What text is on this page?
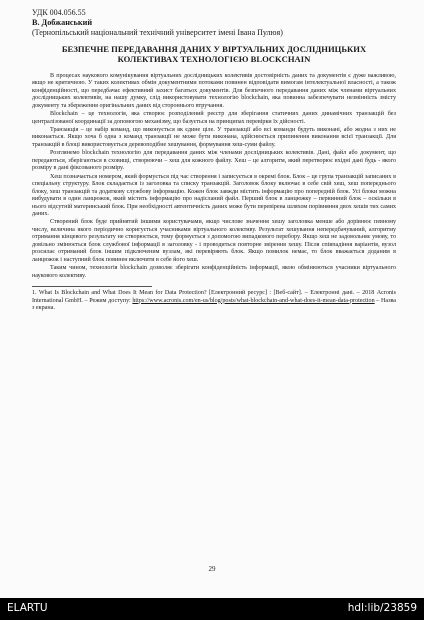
УДК 004.056.55
В. Добжанський
(Тернопільський національний технічний університет імені Івана Пулюя)
БЕЗПЕЧНЕ ПЕРЕДАВАННЯ ДАНИХ У ВІРТУАЛЬНИХ ДОСЛІДНИЦЬКИХ КОЛЕКТИВАХ ТЕХНОЛОГІЄЮ BLOCKCHAIN

В процесах наукового комунікування віртуальних дослідницьких колективів достовірність даних та документів є дуже важливою, якщо не критичною. У таких колективах обмін документними потоками повинен відповідати вимогам інтелектуальної власності, а також конфіденційності, що передбачає ефективний захист багатьох документів. Для безпечного передавання даних між членами віртуальних дослідницьких колективів, на нашу думку, слід використовувати технологію blockchain, яка повинна забезпечувати незмінність змісту документу та збереження оригінальних даних від стороннього втручання.

Blockchain – це технологія, яка створює розподілений реєстр для зберігання статичних даних динамічних транзакцій без централізованої координації за допомогою механізму, що базується на принципах перевірки їх дійсності.

Транзакція – це набір команд, що виконується як єдине ціле. У транзакції або всі команди будуть виконані, або жодна з них не виконається. Якщо хоча б одна з команд транзакції не може бути виконана, здійснюється припинення виконання всієї транзакції. Для транзакцій в блоці використовується деревоподібне хешування, формування хеш-суми файлу.

Розглянемо blockchain технологію для передавання даних між членами дослідницьких колективів. Дані, файл або документ, що передаються, зберігаються в сховищі, створюючи – хеш для кожного файлу. Хеш – це алгоритм, який перетворює вхідні дані будь - якого розміру в дані фіксованого розміру.

Хеш позначається номером, який формується під час створення і записується в окремі блок. Блок – це група транзакцій записаних в спеціальну структуру. Блок складається із заголовка та списку транзакцій. Заголовок блоку включає в себе свій хеш, хеш попереднього блоку, хеш транзакцій та додаткову службову інформацію. Кожен блок завжди містить інформацію про попередній блок. Усі блоки можна вибудувати в один ланцюжок, який містить інформацію про надісланий файл. Перший блок в ланцюжку – первинний блок – оскільки в нього відсутній материнський блок. При необхідності автентичність даних може бути перевірена шляхом порівняння двох хешів тих самих даних.

Створений блок буде прийнятий іншими користувачами, якщо числове значення хешу заголовка менше або дорівнює певному числу, величина якого періодично коригується учасниками віртуального колективу. Результат хешування непередбачуваний, алгоритму отримання кінцевого результату не створюється, тому формується з допомогою випадкового перебору. Якщо хеш не задовольняє умову, то довільно змінюється блок службової інформації в заголовку - і проводиться повторне звірення хешу. Після співпадіння варіантів, вузол розсилає отриманий блок іншим підключеним вузлам, які перевіряють блок. Якщо помилок немає, то блок вважається доданим в ланцюжок і наступний блок повинен включити в себе його хеш.

Таким чином, технологія blockchain дозволяє зберігати конфіденційність інформації, якою обмінюються учасники віртуального наукового колективу.

1. What Is Blockchain and What Does It Mean for Data Protection? [Електронний ресурс] : [Веб-сайт]. – Електронні дані. – 2018 Acronis International GmbH. – Режим доступу: https://www.acronis.com/en-us/blog/posts/what-blockchain-and-what-does-it-mean-data-protection – Назва з екрана.
29
ELARTU	hdl:lib/23859
